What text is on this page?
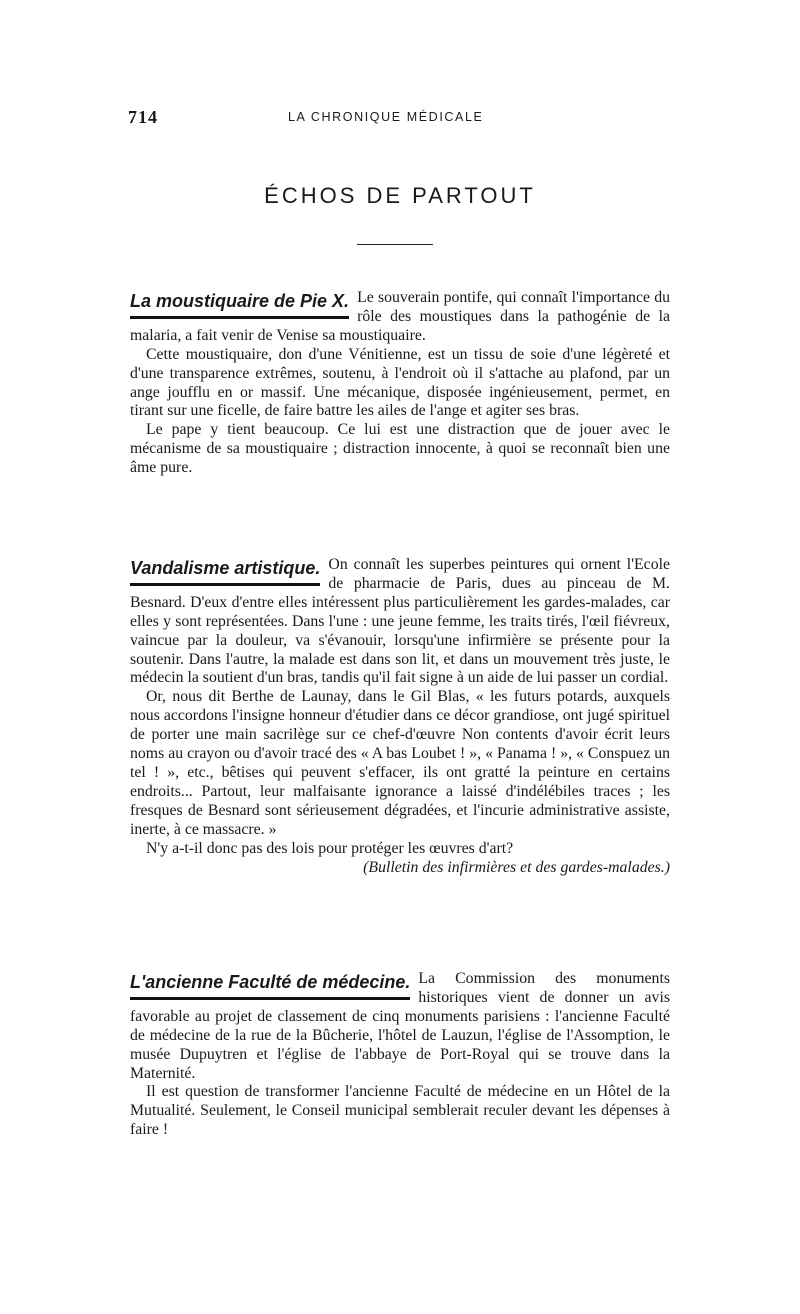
714	LA CHRONIQUE MÉDICALE
ÉCHOS DE PARTOUT
La moustiquaire de Pie X. Le souverain pontife, qui connaît l'importance du rôle des moustiques dans la pathogénie de la malaria, a fait venir de Venise sa moustiquaire.

Cette moustiquaire, don d'une Vénitienne, est un tissu de soie d'une légèreté et d'une transparence extrêmes, soutenu, à l'endroit où il s'attache au plafond, par un ange joufflu en or massif. Une mécanique, disposée ingénieusement, permet, en tirant sur une ficelle, de faire battre les ailes de l'ange et agiter ses bras.

Le pape y tient beaucoup. Ce lui est une distraction que de jouer avec le mécanisme de sa moustiquaire ; distraction innocente, à quoi se reconnaît bien une âme pure.

Vandalisme artistique. On connaît les superbes peintures qui ornent l'Ecole de pharmacie de Paris, dues au pinceau de M. Besnard. D'eux d'entre elles intéressent plus particulièrement les gardes-malades, car elles y sont représentées. Dans l'une : une jeune femme, les traits tirés, l'œil fiévreux, vaincue par la douleur, va s'évanouir, lorsqu'une infirmière se présente pour la soutenir. Dans l'autre, la malade est dans son lit, et dans un mouvement très juste, le médecin la soutient d'un bras, tandis qu'il fait signe à un aide de lui passer un cordial.

Or, nous dit Berthe de Launay, dans le Gil Blas, « les futurs potards, auxquels nous accordons l'insigne honneur d'étudier dans ce décor grandiose, ont jugé spirituel de porter une main sacrilège sur ce chef-d'œuvre Non contents d'avoir écrit leurs noms au crayon ou d'avoir tracé des « A bas Loubet ! », « Panama ! », « Conspuez un tel ! », etc., bêtises qui peuvent s'effacer, ils ont gratté la peinture en certains endroits... Partout, leur malfaisante ignorance a laissé d'indélébiles traces ; les fresques de Besnard sont sérieusement dégradées, et l'incurie administrative assiste, inerte, à ce massacre. »

N'y a-t-il donc pas des lois pour protéger les œuvres d'art?

(Bulletin des infirmières et des gardes-malades.)

L'ancienne Faculté de médecine. La Commission des monuments historiques vient de donner un avis favorable au projet de classement de cinq monuments parisiens : l'ancienne Faculté de médecine de la rue de la Bûcherie, l'hôtel de Lauzun, l'église de l'Assomption, le musée Dupuytren et l'église de l'abbaye de Port-Royal qui se trouve dans la Maternité.

Il est question de transformer l'ancienne Faculté de médecine en un Hôtel de la Mutualité. Seulement, le Conseil municipal semblerait reculer devant les dépenses à faire !
